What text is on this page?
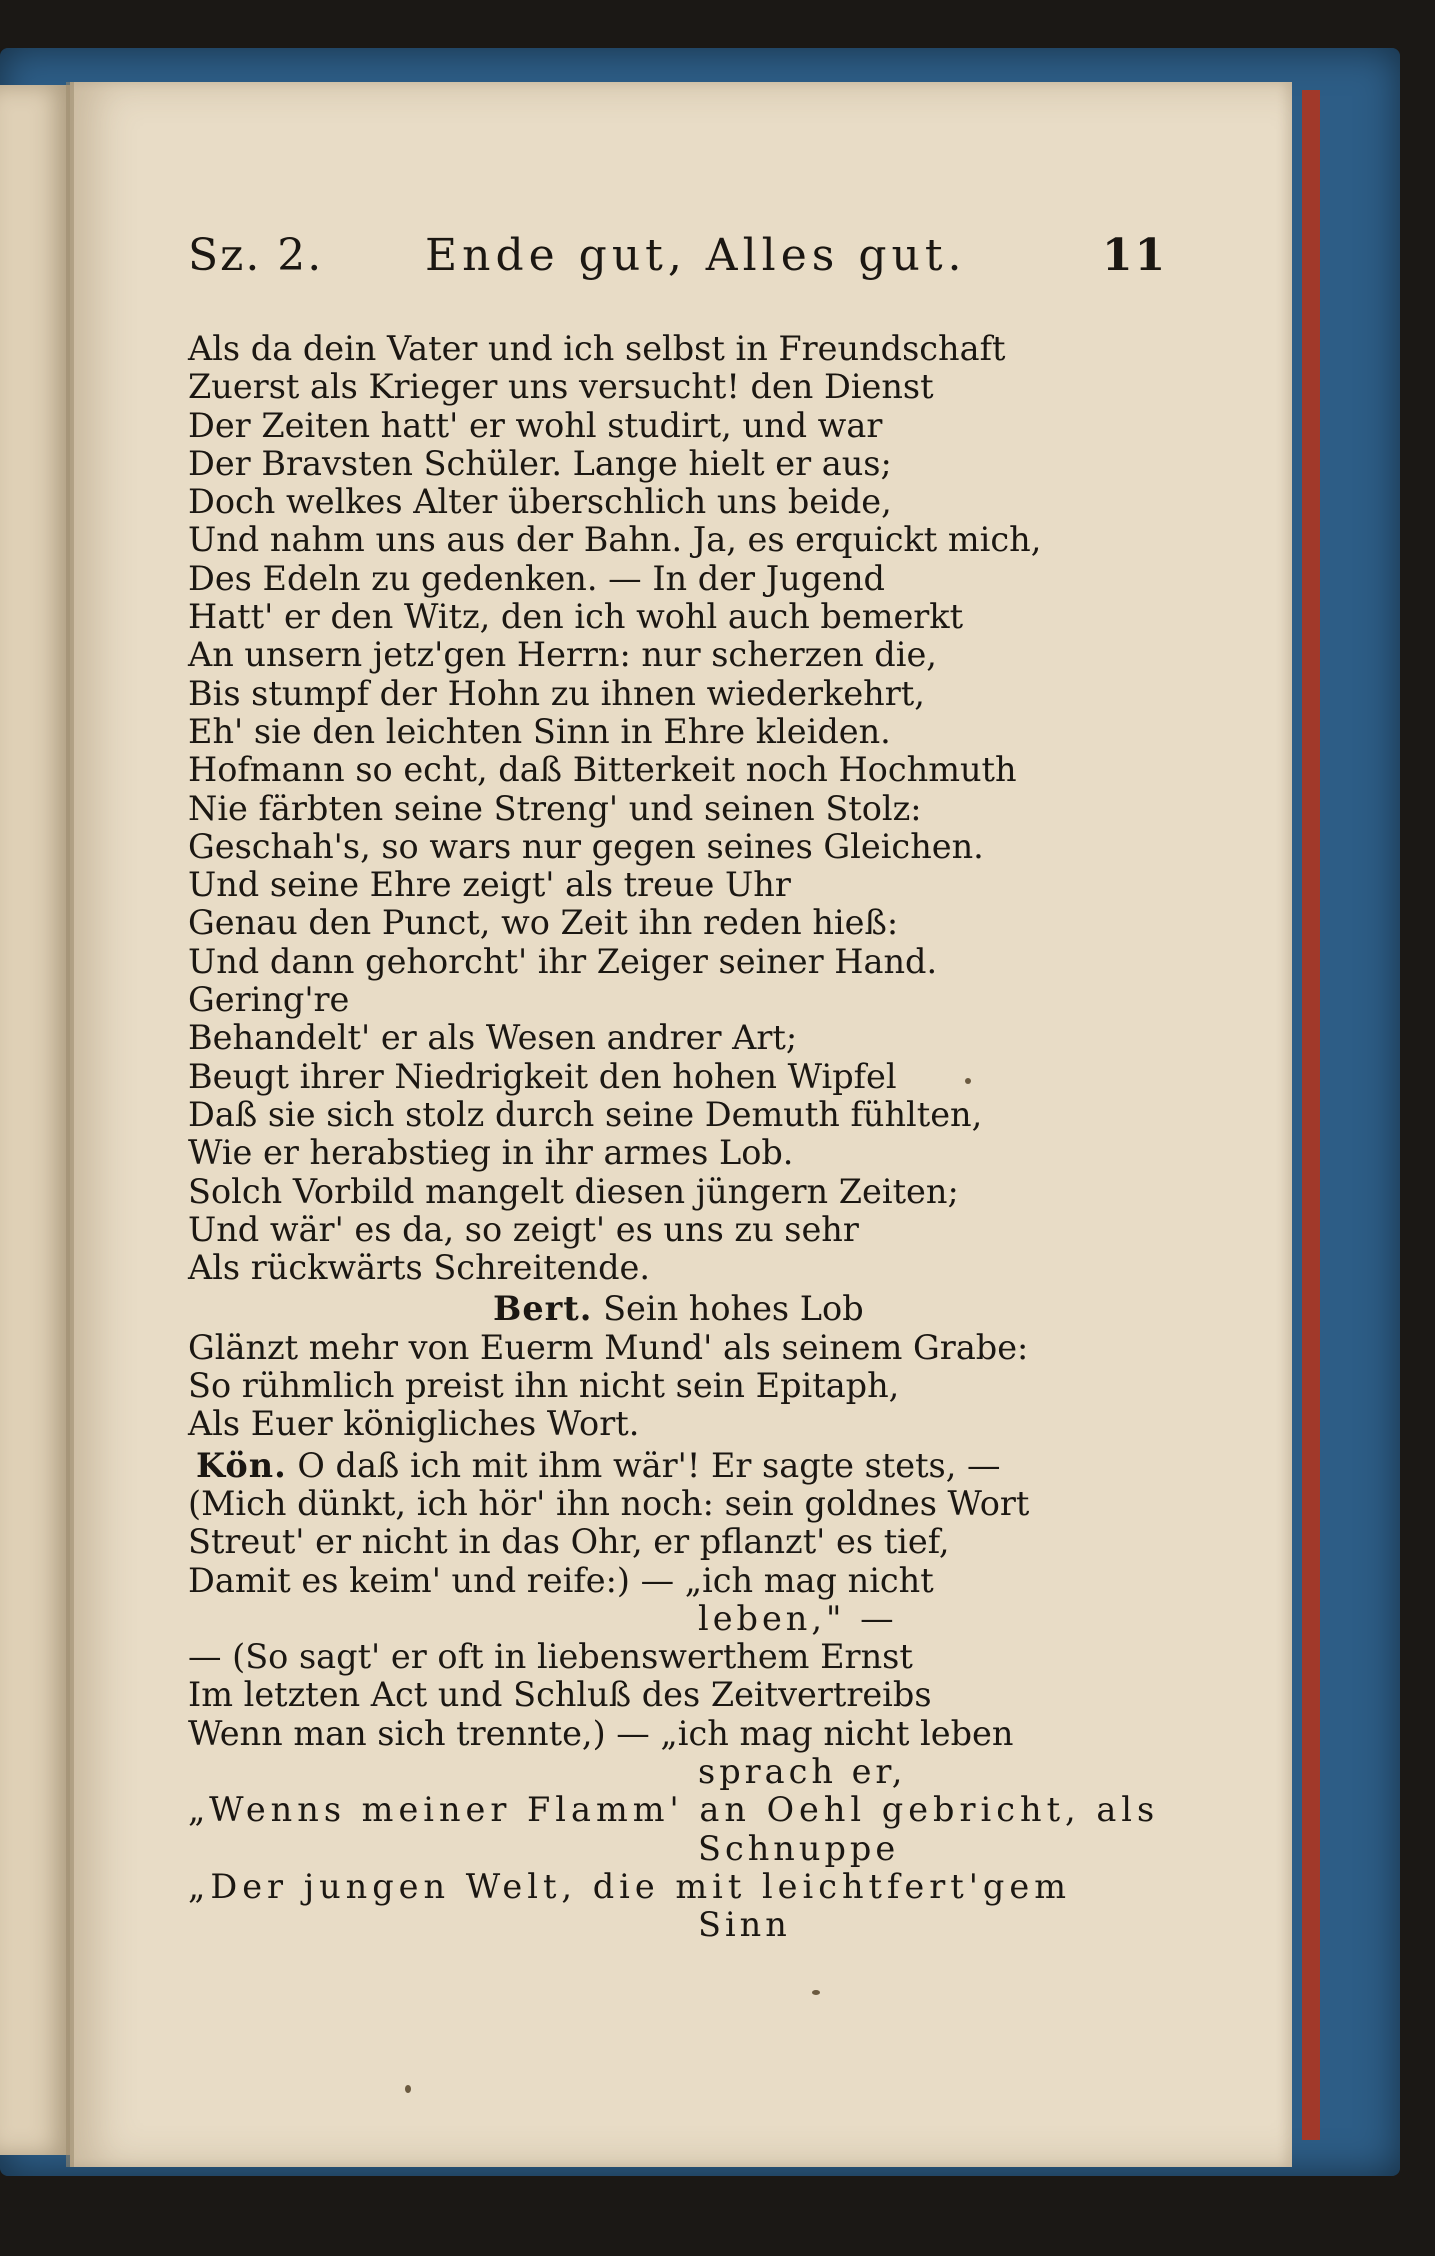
Sz. 2. Ende gut, Alles gut.	11
Als da dein Vater und ich selbst in Freundschaft
Zuerst als Krieger uns versucht! den Dienst
Der Zeiten hatt' er wohl studirt, und war
Der Bravsten Schüler. Lange hielt er aus;
Doch welkes Alter überschlich uns beide,
Und nahm uns aus der Bahn. Ja, es erquickt mich,
Des Edeln zu gedenken. — In der Jugend
Hatt' er den Witz, den ich wohl auch bemerkt
An unsern jetz'gen Herrn: nur scherzen die,
Bis stumpf der Hohn zu ihnen wiederkehrt,
Eh' sie den leichten Sinn in Ehre kleiden.
Hofmann so echt, daß Bitterkeit noch Hochmuth
Nie färbten seine Streng' und seinen Stolz:
Geschah's, so wars nur gegen seines Gleichen.
Und seine Ehre zeigt' als treue Uhr
Genau den Punct, wo Zeit ihn reden hieß:
Und dann gehorcht' ihr Zeiger seiner Hand.
Gering're
Behandelt' er als Wesen andrer Art;
Beugt ihrer Niedrigkeit den hohen Wipfel
Daß sie sich stolz durch seine Demuth fühlten,
Wie er herabstieg in ihr armes Lob.
Solch Vorbild mangelt diesen jüngern Zeiten;
Und wär' es da, so zeigt' es uns zu sehr
Als rückwärts Schreitende.
Bert. Sein hohes Lob
Glänzt mehr von Euerm Mund' als seinem Grabe:
So rühmlich preist ihn nicht sein Epitaph,
Als Euer königliches Wort.
Kön. O daß ich mit ihm wär'! Er sagte stets, —
(Mich dünkt, ich hör' ihn noch: sein goldnes Wort
Streut' er nicht in das Ohr, er pflanzt' es tief,
Damit es keim' und reife:) — „ich mag nicht
leben," —
— (So sagt' er oft in liebenswerthem Ernst
Im letzten Act und Schluß des Zeitvertreibs
Wenn man sich trennte,) — „ich mag nicht leben
sprach er,
„Wenns meiner Flamm' an Oehl gebricht, als
Schnuppe
„Der jungen Welt, die mit leichtfert'gem
Sinn
